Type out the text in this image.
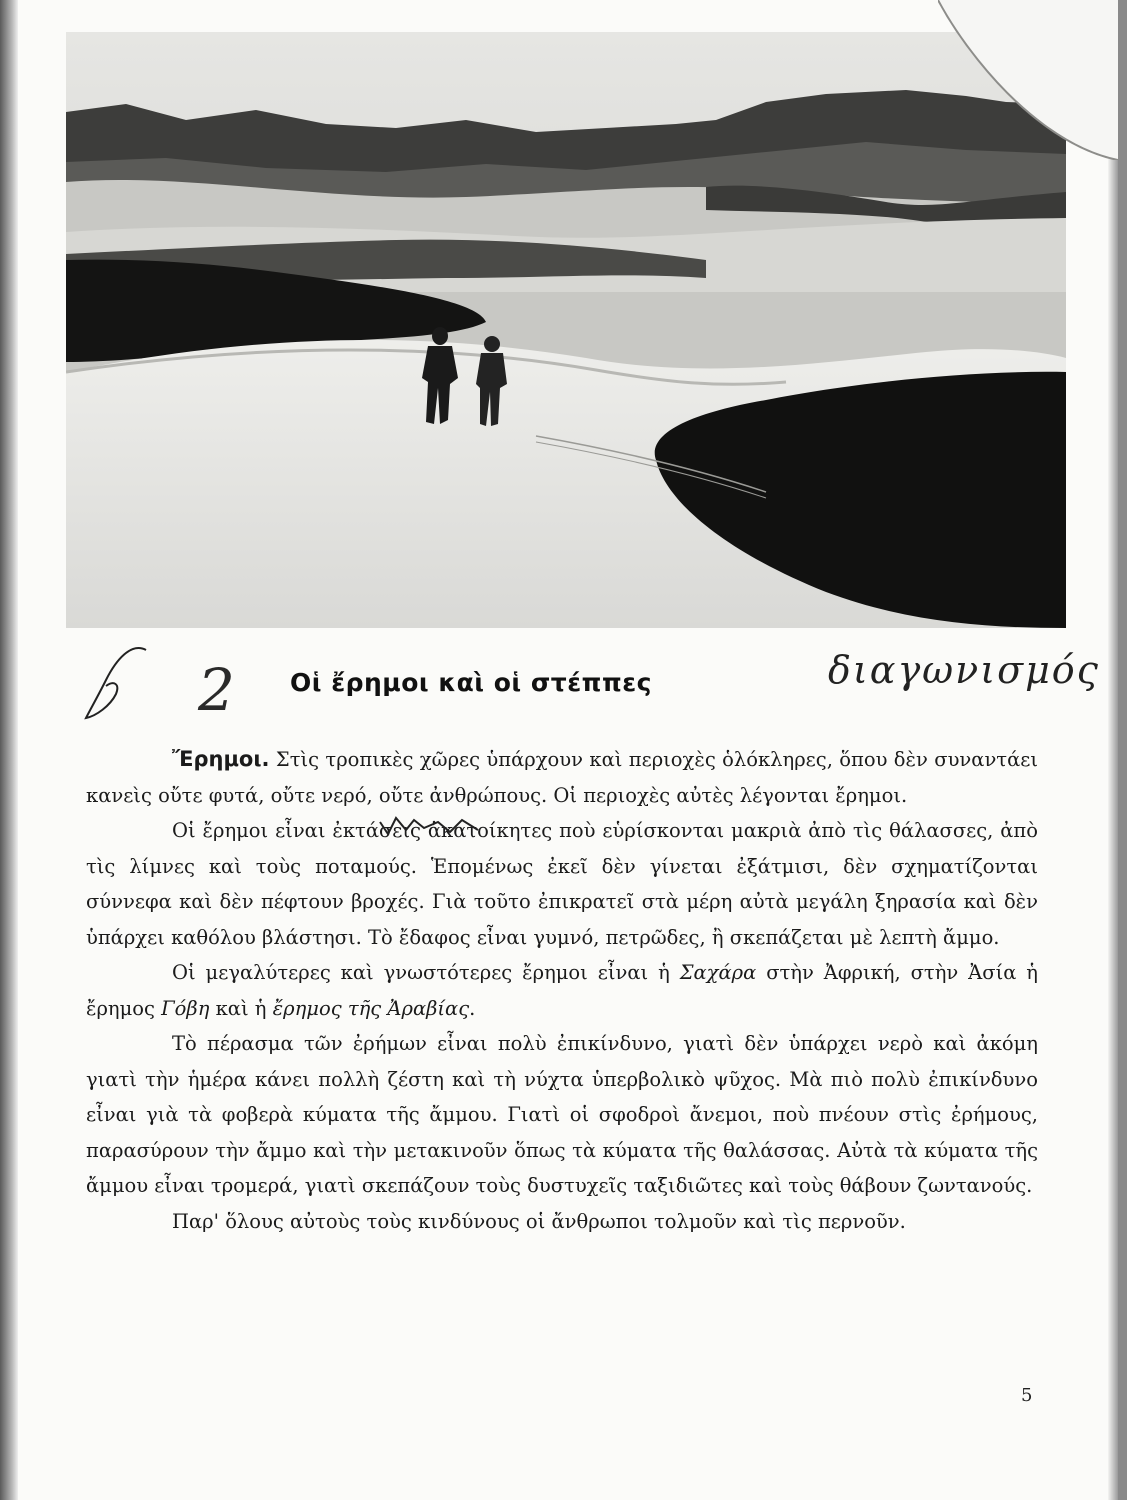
2 Οἱ ἔρημοι καὶ οἱ στέππες	διαγωνισμός

Ἔρημοι. Στὶς τροπικὲς χῶρες ὑπάρχουν καὶ περιοχὲς ὁλόκληρες, ὅπου δὲν συναντάει κανεὶς οὔτε φυτά, οὔτε νερό, οὔτε ἀνθρώπους. Οἱ περιοχὲς αὐτὲς λέγονται ἔρημοι.

Οἱ ἔρημοι εἶναι ἐκτάσεις ἀκατοίκητες ποὺ εὑρίσκονται μακριὰ ἀπὸ τὶς θάλασσες, ἀπὸ τὶς λίμνες καὶ τοὺς ποταμούς. Ἑπομένως ἐκεῖ δὲν γίνεται ἐξάτμισι, δὲν σχηματίζονται σύννεφα καὶ δὲν πέφτουν βροχές. Γιὰ τοῦτο ἐπικρατεῖ στὰ μέρη αὐτὰ μεγάλη ξηρασία καὶ δὲν ὑπάρχει καθόλου βλάστησι. Τὸ ἔδαφος εἶναι γυμνό, πετρῶδες, ἢ σκεπάζεται μὲ λεπτὴ ἄμμο.

Οἱ μεγαλύτερες καὶ γνωστότερες ἔρημοι εἶναι ἡ Σαχάρα στὴν Ἀφρική, στὴν Ἀσία ἡ ἔρημος Γόβη καὶ ἡ ἔρημος τῆς Ἀραβίας.

Τὸ πέρασμα τῶν ἐρήμων εἶναι πολὺ ἐπικίνδυνο, γιατὶ δὲν ὑπάρχει νερὸ καὶ ἀκόμη γιατὶ τὴν ἡμέρα κάνει πολλὴ ζέστη καὶ τὴ νύχτα ὑπερβολικὸ ψῦχος. Μὰ πιὸ πολὺ ἐπικίνδυνο εἶναι γιὰ τὰ φοβερὰ κύματα τῆς ἄμμου. Γιατὶ οἱ σφοδροὶ ἄνεμοι, ποὺ πνέουν στὶς ἐρήμους, παρασύρουν τὴν ἄμμο καὶ τὴν μετακινοῦν ὅπως τὰ κύματα τῆς θαλάσσας. Αὐτὰ τὰ κύματα τῆς ἄμμου εἶναι τρομερά, γιατὶ σκεπάζουν τοὺς δυστυχεῖς ταξιδιῶτες καὶ τοὺς θάβουν ζωντανούς.

Παρ' ὅλους αὐτοὺς τοὺς κινδύνους οἱ ἄνθρωποι τολμοῦν καὶ τὶς περνοῦν.

5
